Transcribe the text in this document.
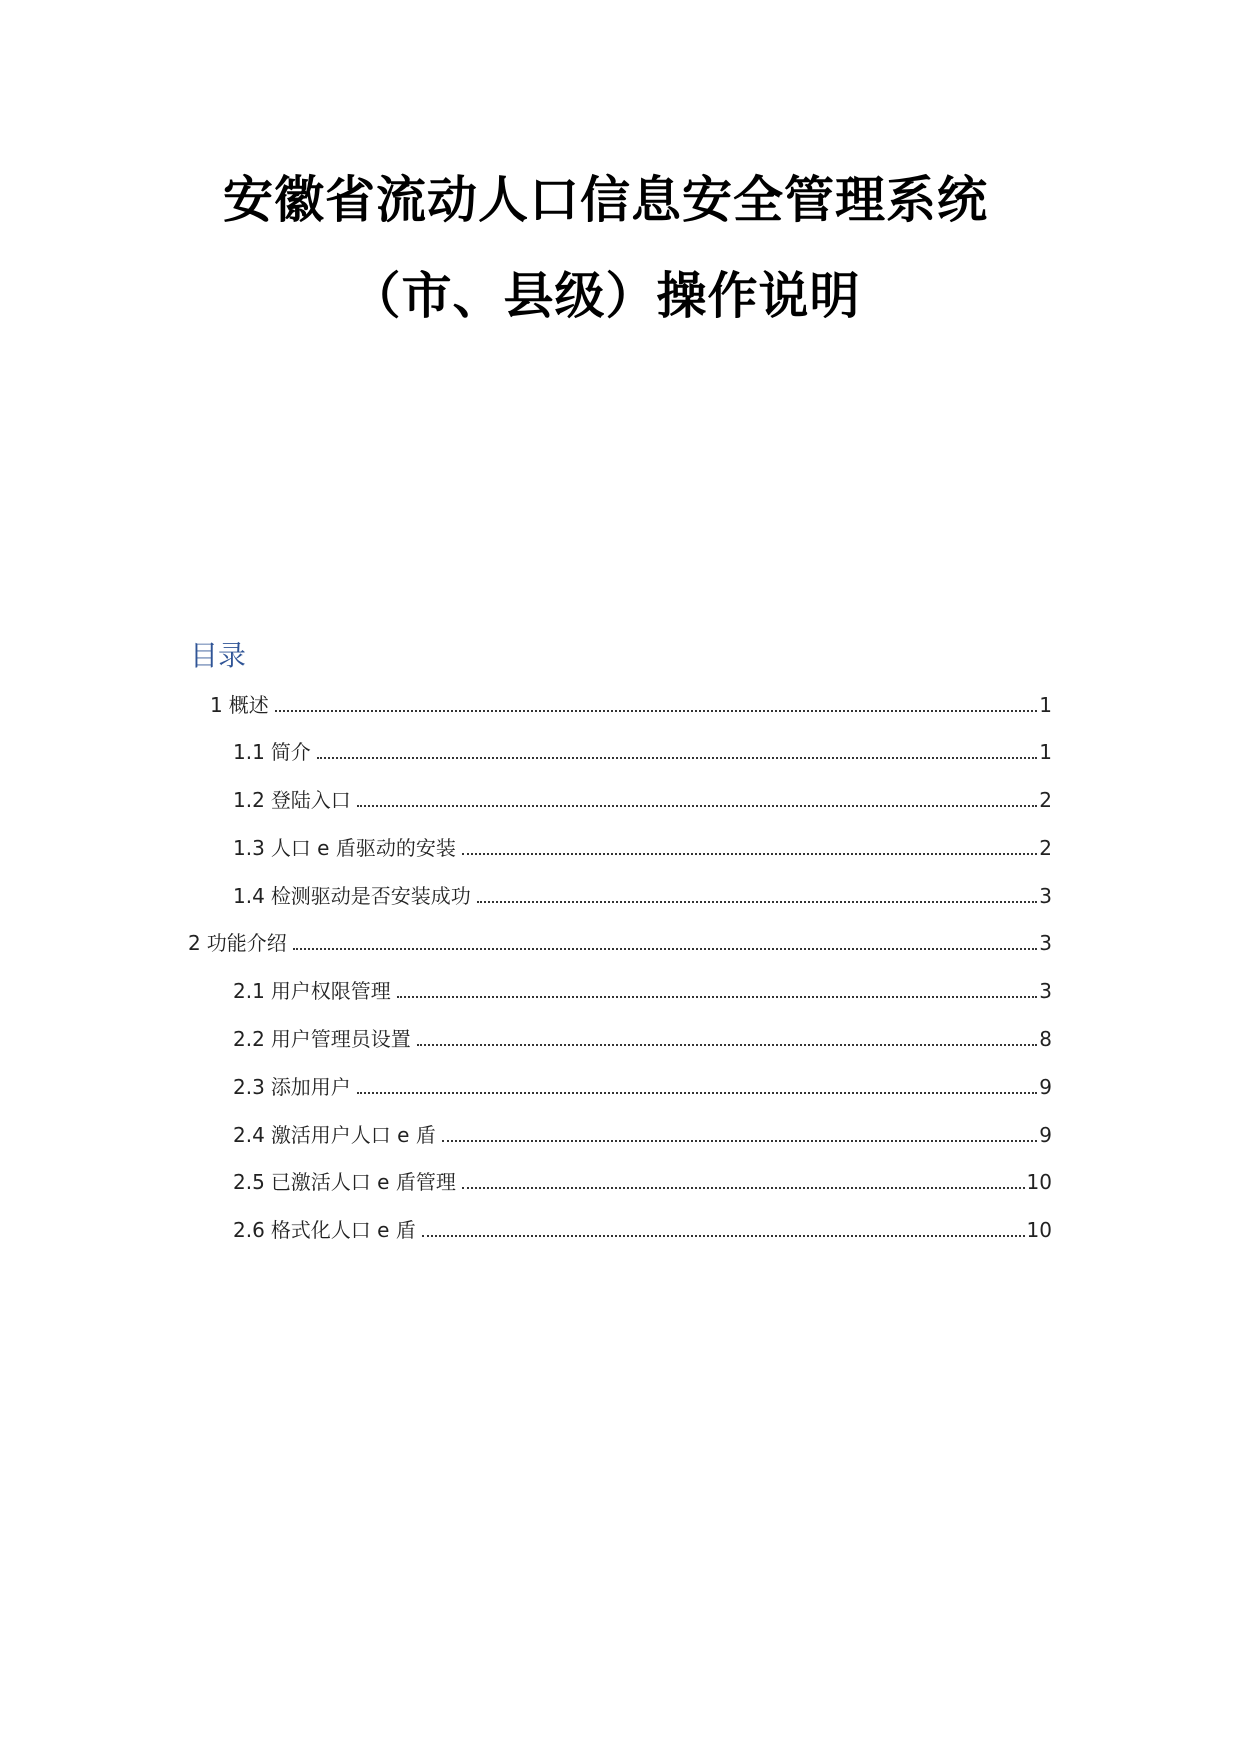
安徽省流动人口信息安全管理系统
（市、县级）操作说明
目录
1 概述	1
1.1 简介	1
1.2 登陆入口	2
1.3 人口 e 盾驱动的安装	2
1.4 检测驱动是否安装成功	3
2 功能介绍	3
2.1 用户权限管理	3
2.2 用户管理员设置	8
2.3 添加用户	9
2.4 激活用户人口 e 盾	9
2.5 已激活人口 e 盾管理	10
2.6 格式化人口 e 盾	10
